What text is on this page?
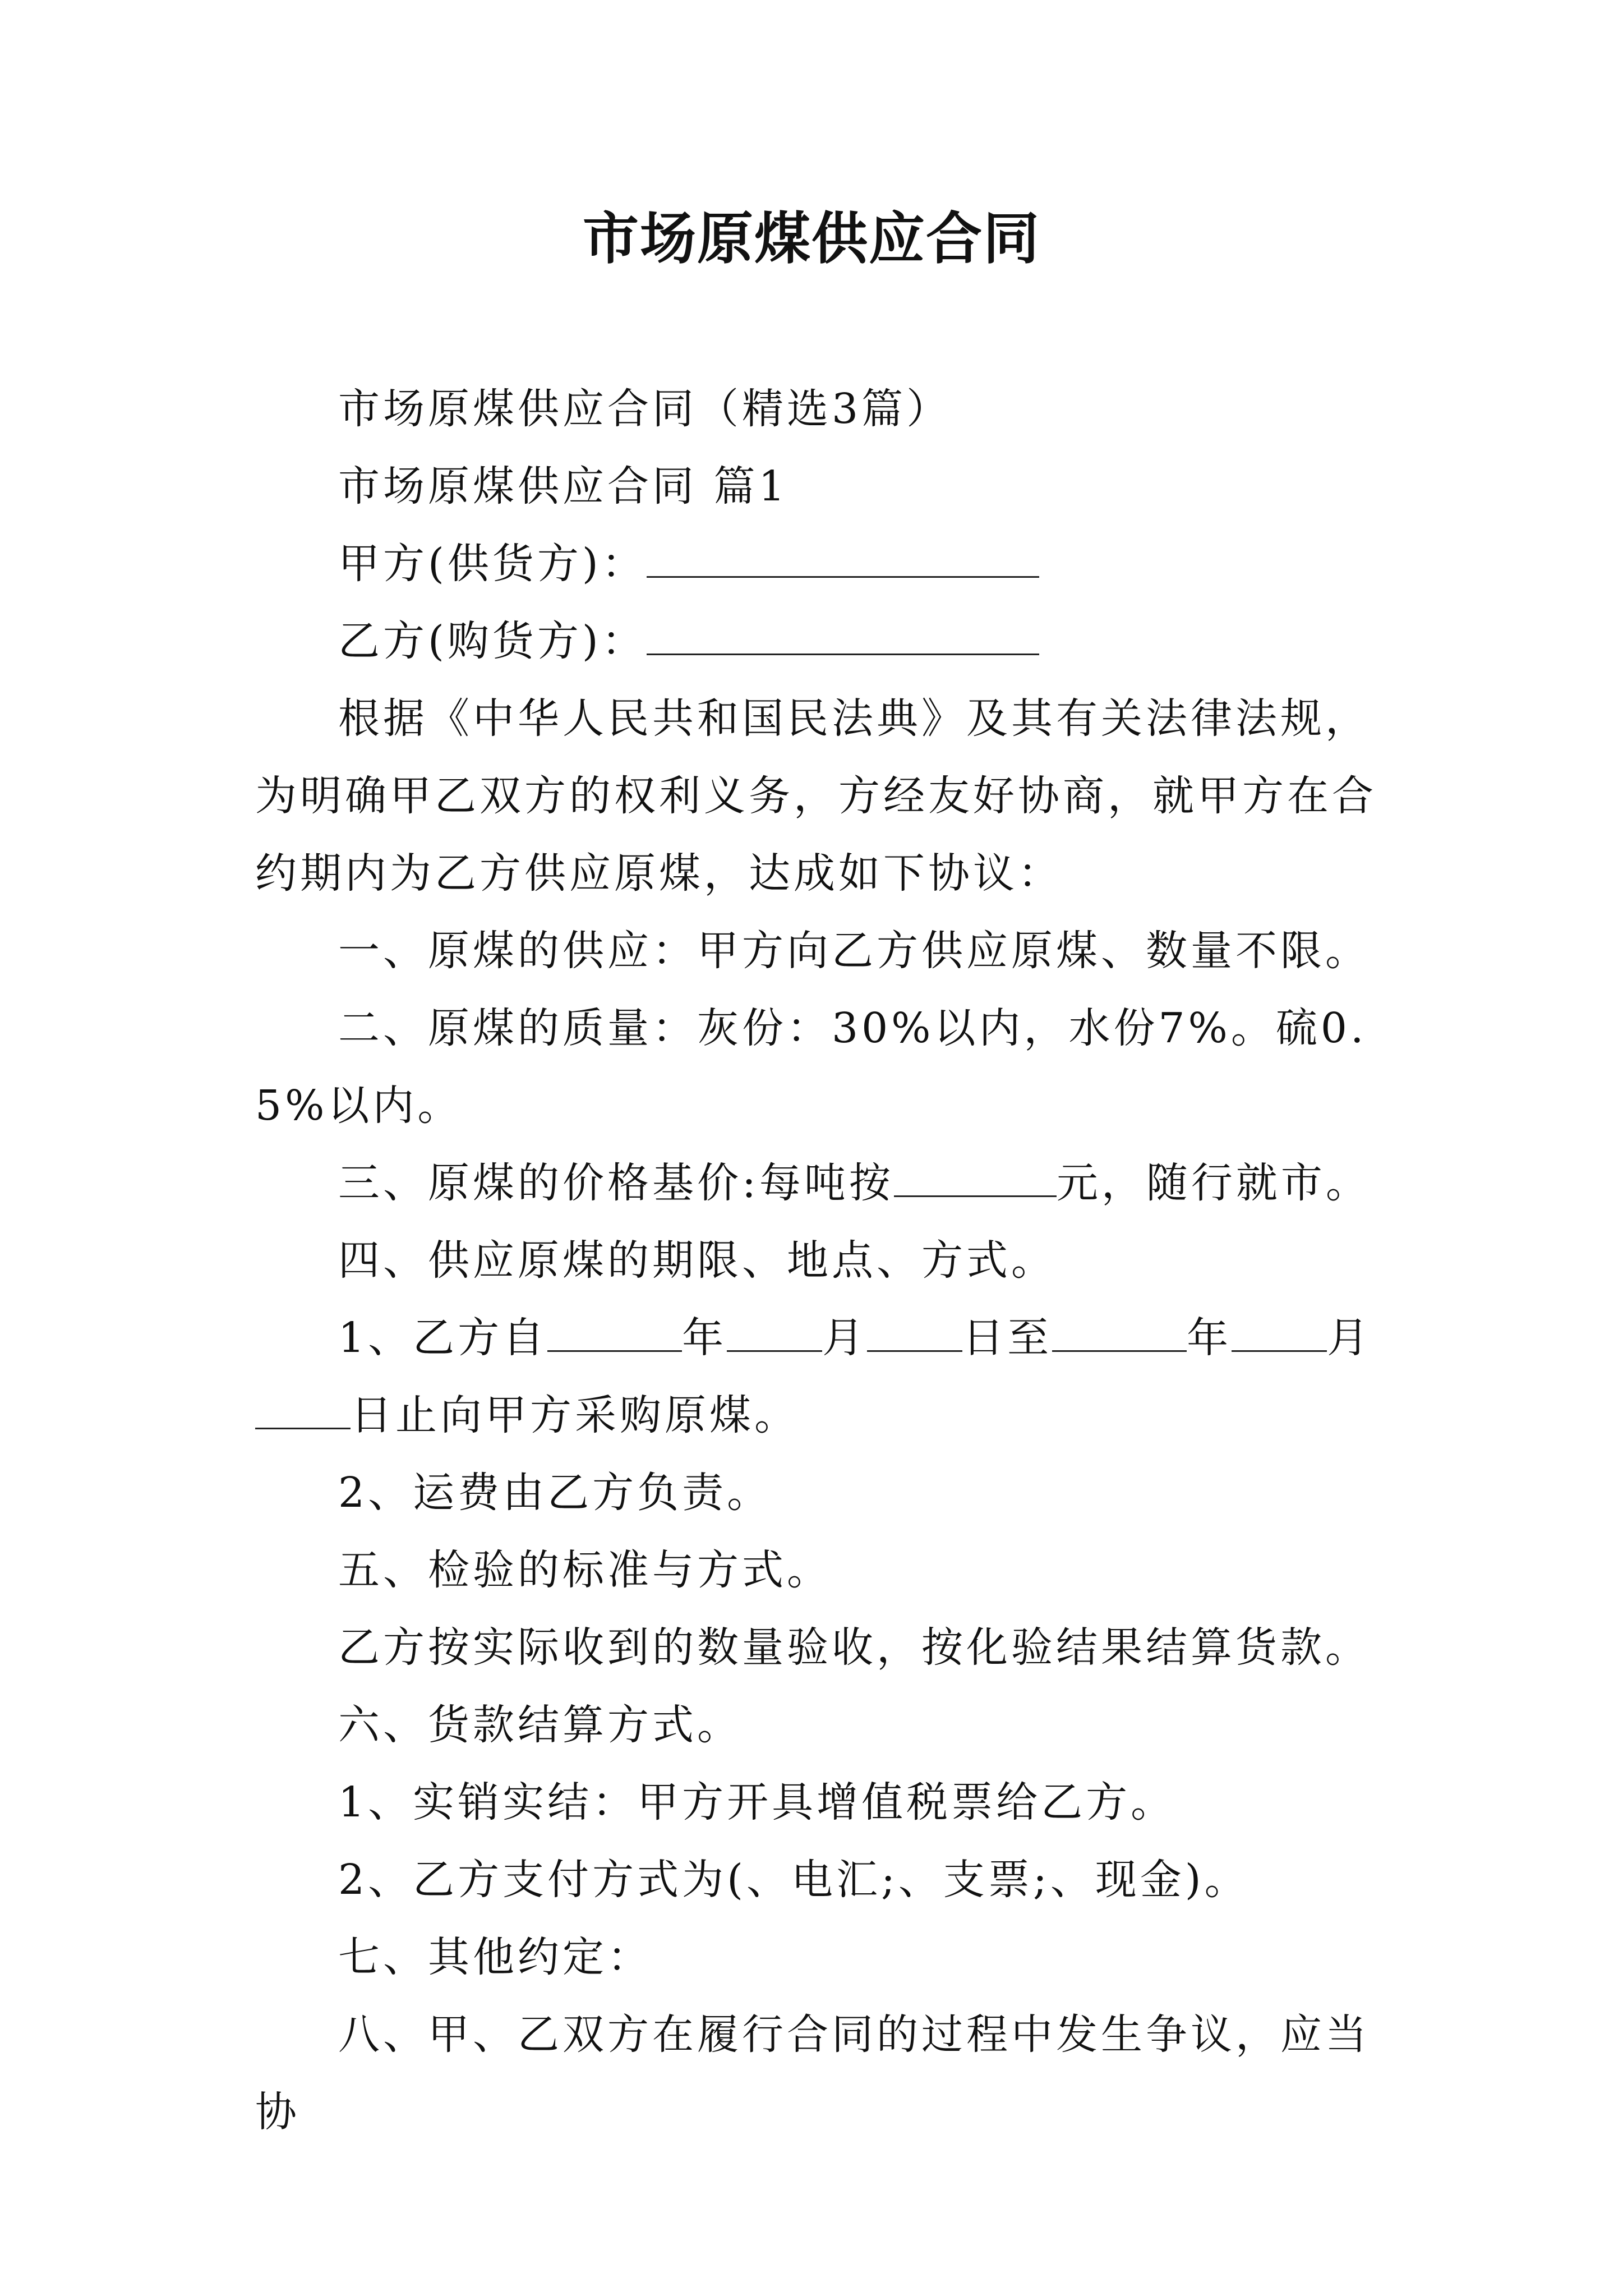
市场原煤供应合同

市场原煤供应合同（精选3篇）

市场原煤供应合同 篇1

甲方(供货方)：

乙方(购货方)：

根据《中华人民共和国民法典》及其有关法律法规，为明确甲乙双方的权利义务，方经友好协商，就甲方在合约期内为乙方供应原煤，达成如下协议：

一、原煤的供应：甲方向乙方供应原煤、数量不限。

二、原煤的质量：灰份：30%以内，水份7%。硫0.5%以内。

三、原煤的价格基价:每吨按	元，随行就市。

四、供应原煤的期限、地点、方式。

1、乙方自	年 月 日至	年 月日止向甲方采购原煤。

2、运费由乙方负责。

五、检验的标准与方式。

乙方按实际收到的数量验收，按化验结果结算货款。

六、货款结算方式。

1、实销实结：甲方开具增值税票给乙方。

2、乙方支付方式为(、电汇;、支票;、现金)。

七、其他约定：

八、甲、乙双方在履行合同的过程中发生争议，应当协
